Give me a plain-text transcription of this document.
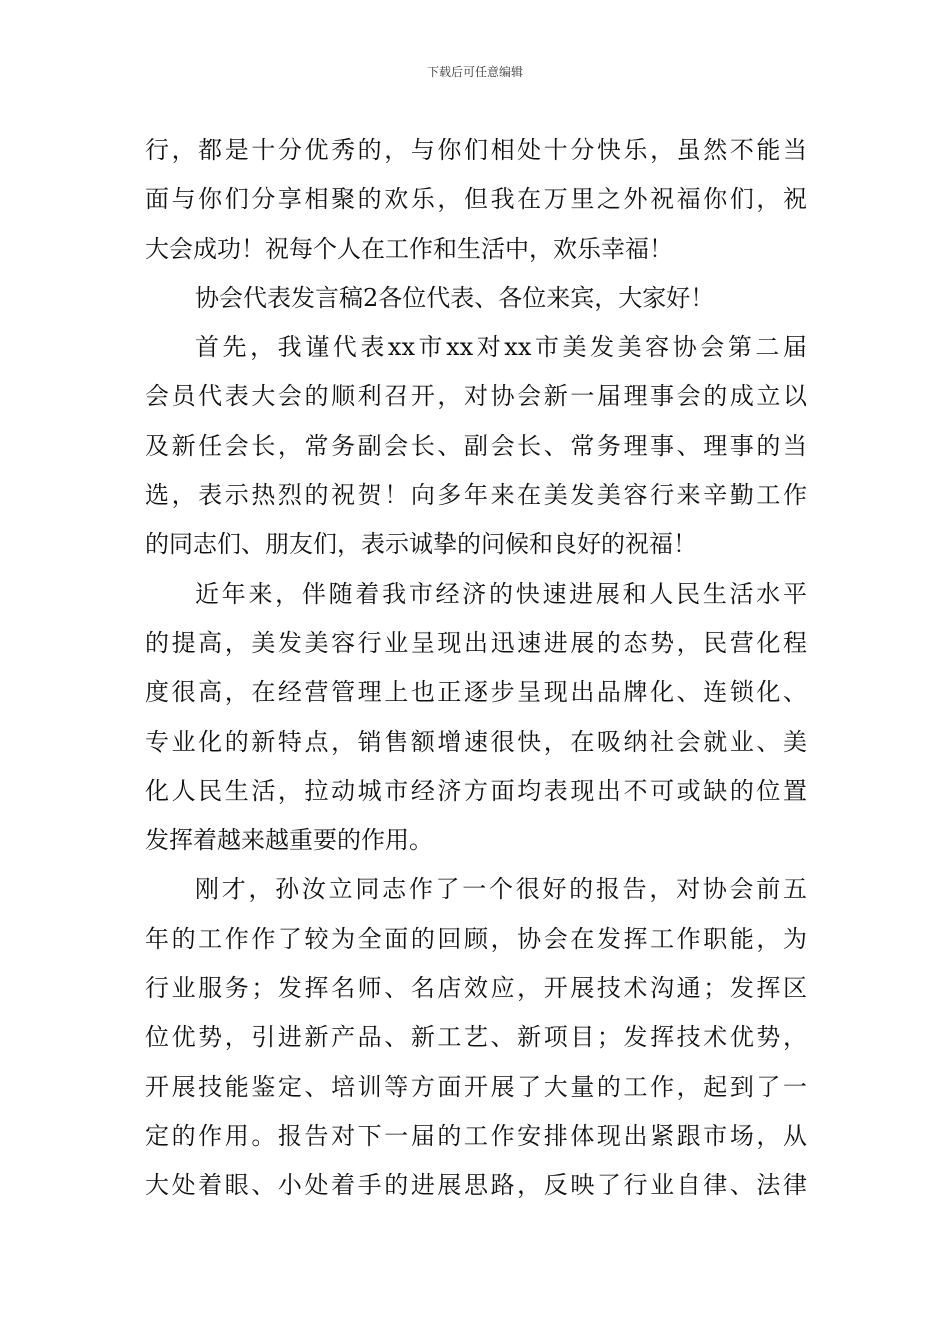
下载后可任意编辑
行，都是十分优秀的，与你们相处十分快乐，虽然不能当
面与你们分享相聚的欢乐，但我在万里之外祝福你们，祝
大会成功！祝每个人在工作和生活中，欢乐幸福！
协会代表发言稿2各位代表、各位来宾，大家好！
首先，我谨代表xx市xx对xx市美发美容协会第二届
会员代表大会的顺利召开，对协会新一届理事会的成立以
及新任会长，常务副会长、副会长、常务理事、理事的当
选，表示热烈的祝贺！向多年来在美发美容行来辛勤工作
的同志们、朋友们，表示诚挚的问候和良好的祝福！
近年来，伴随着我市经济的快速进展和人民生活水平
的提高，美发美容行业呈现出迅速进展的态势，民营化程
度很高，在经营管理上也正逐步呈现出品牌化、连锁化、
专业化的新特点，销售额增速很快，在吸纳社会就业、美
化人民生活，拉动城市经济方面均表现出不可或缺的位置
发挥着越来越重要的作用。
刚才，孙汝立同志作了一个很好的报告，对协会前五
年的工作作了较为全面的回顾，协会在发挥工作职能，为
行业服务；发挥名师、名店效应，开展技术沟通；发挥区
位优势，引进新产品、新工艺、新项目；发挥技术优势，
开展技能鉴定、培训等方面开展了大量的工作，起到了一
定的作用。报告对下一届的工作安排体现出紧跟市场，从
大处着眼、小处着手的进展思路，反映了行业自律、法律
